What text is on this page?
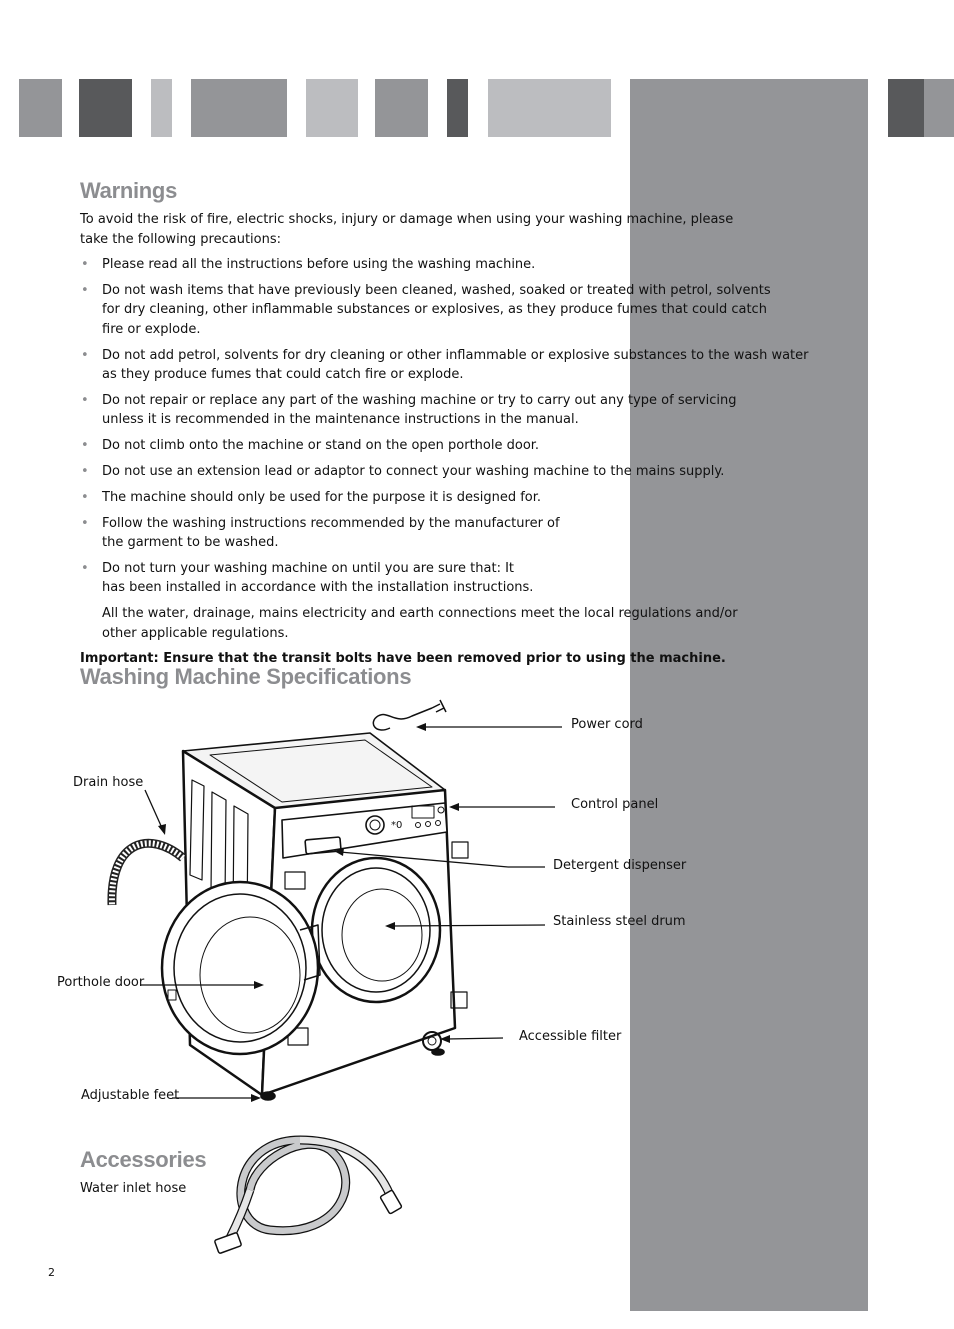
Warnings

To avoid the risk of fire, electric shocks, injury or damage when using your washing machine, please take the following precautions:

• Please read all the instructions before using the washing machine.
• Do not wash items that have previously been cleaned, washed, soaked or treated with petrol, solvents for dry cleaning, other inflammable substances or explosives, as they produce fumes that could catch fire or explode.
• Do not add petrol, solvents for dry cleaning or other inflammable or explosive substances to the wash water as they produce fumes that could catch fire or explode.
• Do not repair or replace any part of the washing machine or try to carry out any type of servicing unless it is recommended in the maintenance instructions in the manual.
• Do not climb onto the machine or stand on the open porthole door.
• Do not use an extension lead or adaptor to connect your washing machine to the mains supply.
• The machine should only be used for the purpose it is designed for.
• Follow the washing instructions recommended by the manufacturer of the garment to be washed.
• Do not turn your washing machine on until you are sure that: It has been installed in accordance with the installation instructions.

All the water, drainage, mains electricity and earth connections meet the local regulations and/or other applicable regulations.

Important: Ensure that the transit bolts have been removed prior to using the machine.

Washing Machine Specifications
*0
Power cord
Control panel
Detergent dispenser
Stainless steel drum
Accessible filter
Drain hose
Porthole door
Adjustable feet
Accessories
Water inlet hose
2
